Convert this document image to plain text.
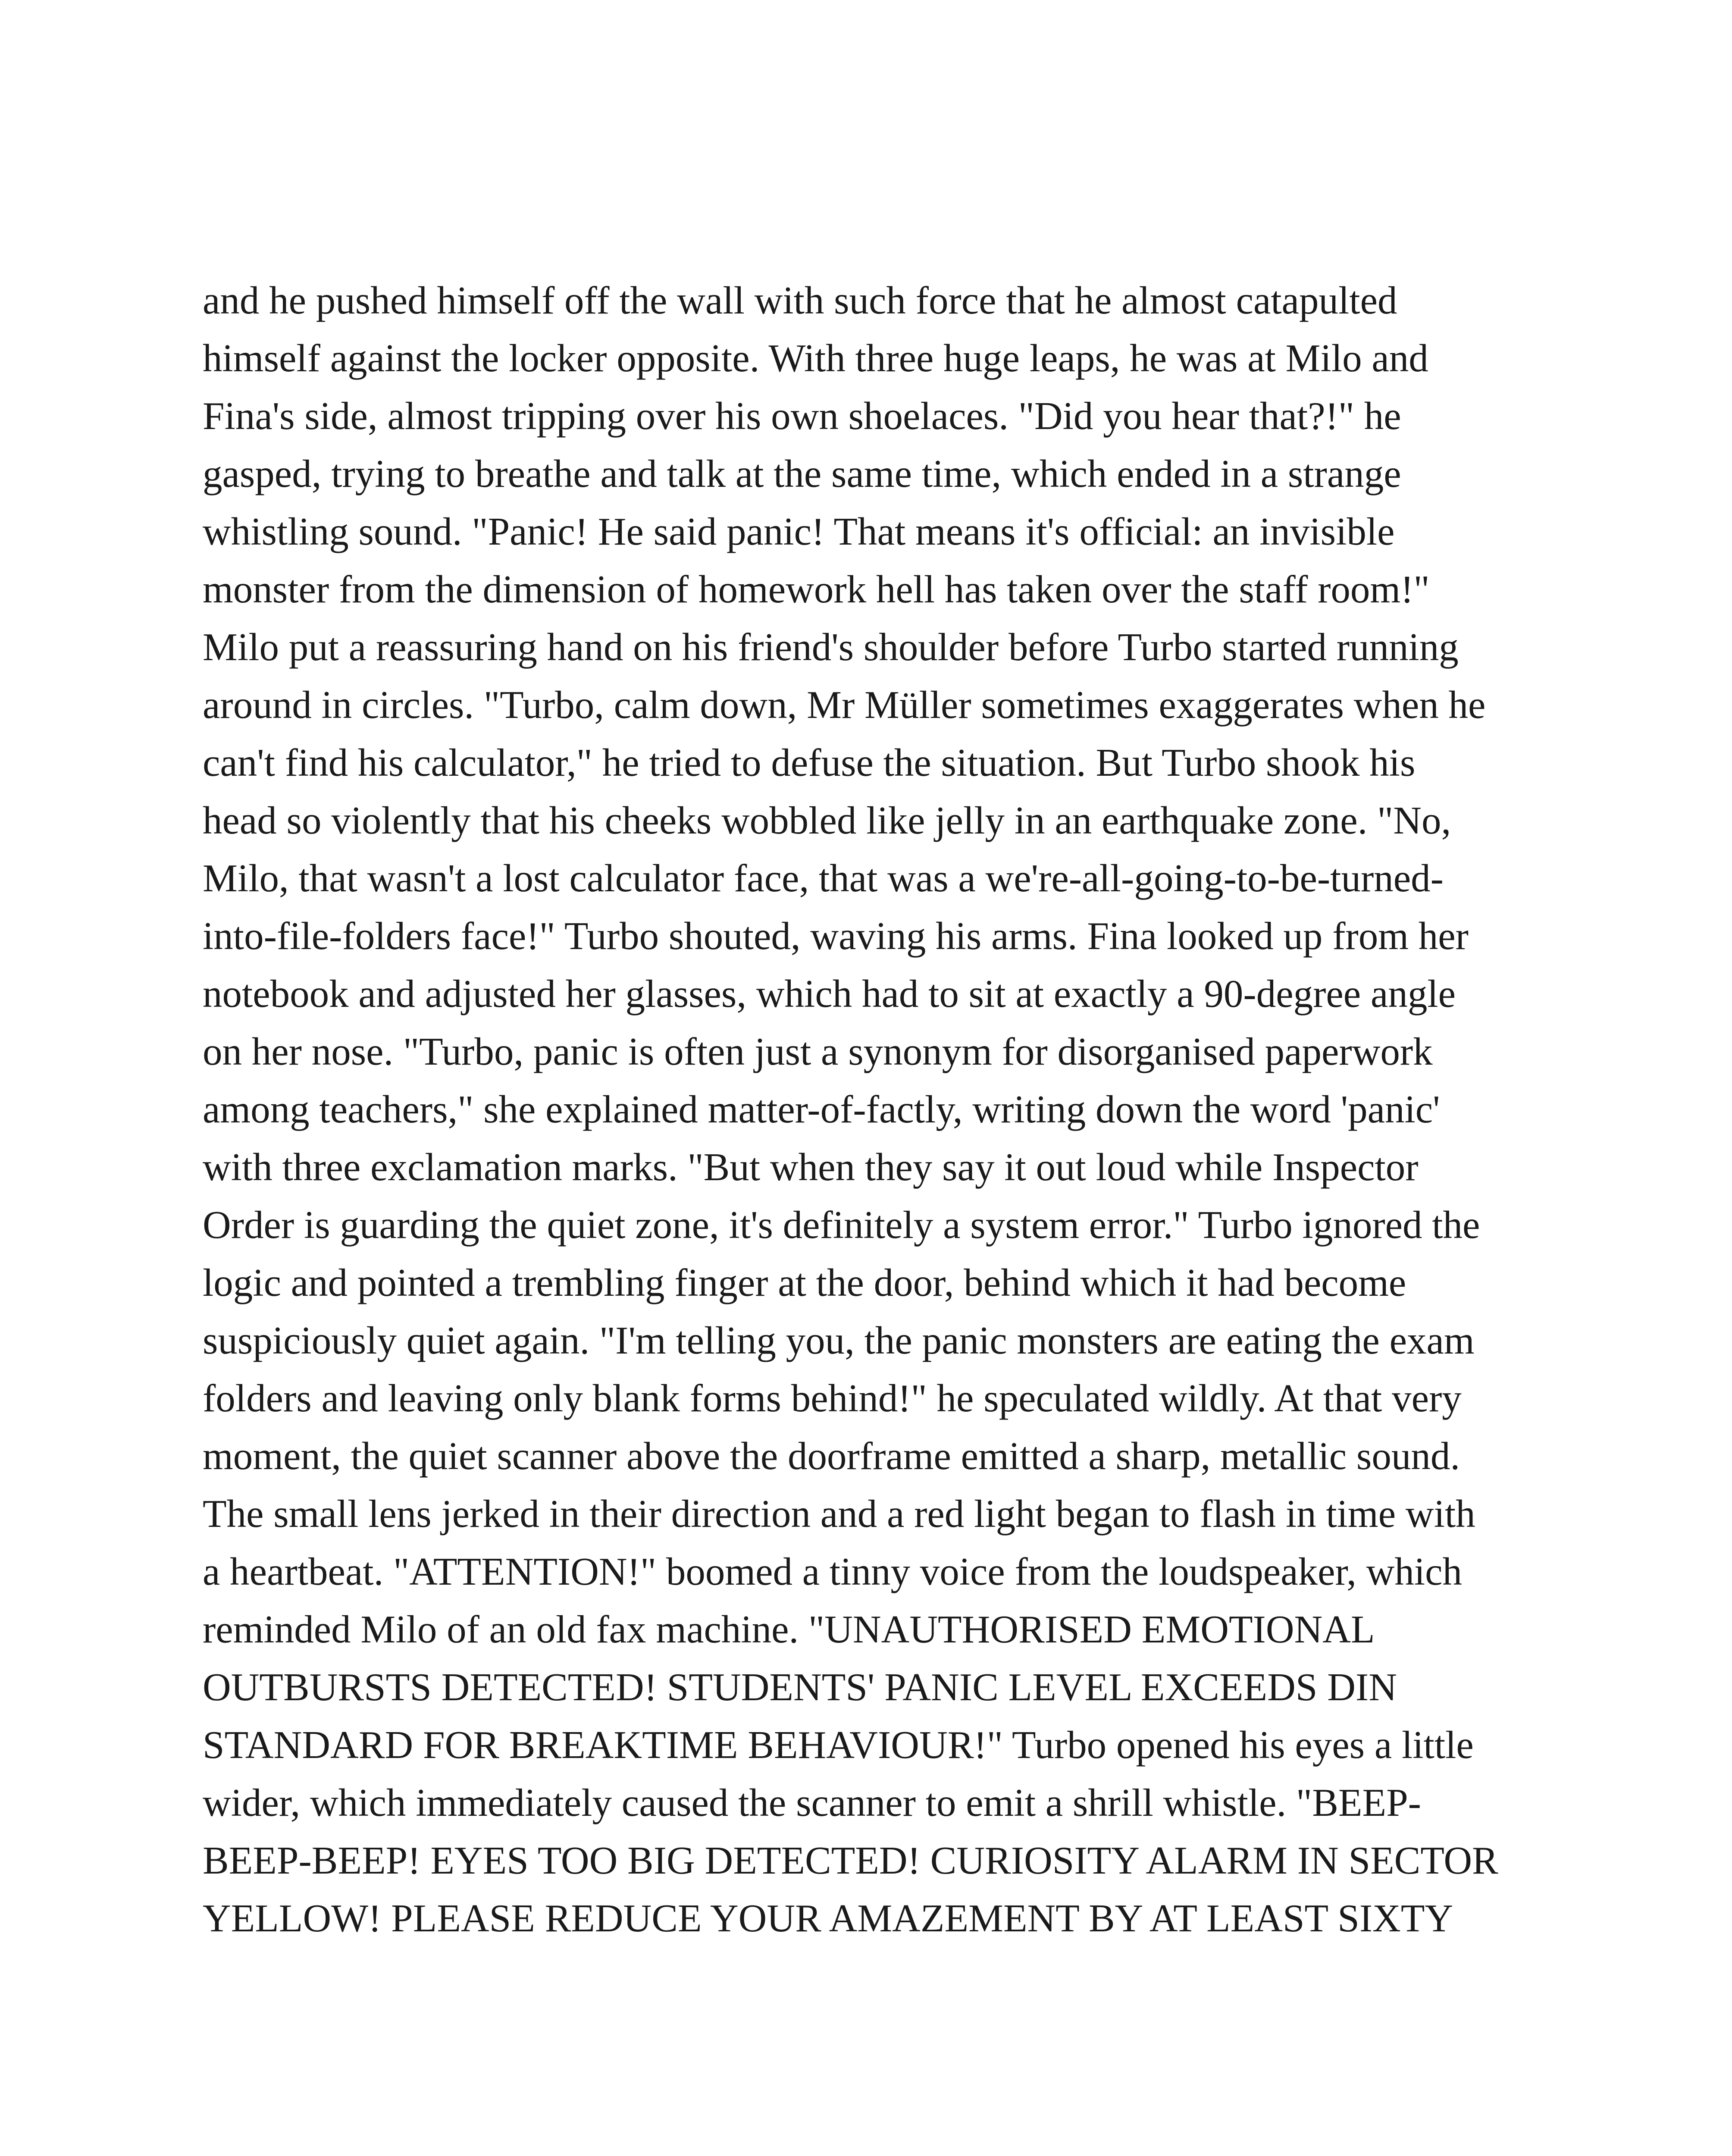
and he pushed himself off the wall with such force that he almost catapulted
himself against the locker opposite. With three huge leaps, he was at Milo and
Fina's side, almost tripping over his own shoelaces. "Did you hear that?!" he
gasped, trying to breathe and talk at the same time, which ended in a strange
whistling sound. "Panic! He said panic! That means it's official: an invisible
monster from the dimension of homework hell has taken over the staff room!"
Milo put a reassuring hand on his friend's shoulder before Turbo started running
around in circles. "Turbo, calm down, Mr Müller sometimes exaggerates when he
can't find his calculator," he tried to defuse the situation. But Turbo shook his
head so violently that his cheeks wobbled like jelly in an earthquake zone. "No,
Milo, that wasn't a lost calculator face, that was a we're-all-going-to-be-turned-
into-file-folders face!" Turbo shouted, waving his arms. Fina looked up from her
notebook and adjusted her glasses, which had to sit at exactly a 90-degree angle
on her nose. "Turbo, panic is often just a synonym for disorganised paperwork
among teachers," she explained matter-of-factly, writing down the word 'panic'
with three exclamation marks. "But when they say it out loud while Inspector
Order is guarding the quiet zone, it's definitely a system error." Turbo ignored the
logic and pointed a trembling finger at the door, behind which it had become
suspiciously quiet again. "I'm telling you, the panic monsters are eating the exam
folders and leaving only blank forms behind!" he speculated wildly. At that very
moment, the quiet scanner above the doorframe emitted a sharp, metallic sound.
The small lens jerked in their direction and a red light began to flash in time with
a heartbeat. "ATTENTION!" boomed a tinny voice from the loudspeaker, which
reminded Milo of an old fax machine. "UNAUTHORISED EMOTIONAL
OUTBURSTS DETECTED! STUDENTS' PANIC LEVEL EXCEEDS DIN
STANDARD FOR BREAKTIME BEHAVIOUR!" Turbo opened his eyes a little
wider, which immediately caused the scanner to emit a shrill whistle. "BEEP-
BEEP-BEEP! EYES TOO BIG DETECTED! CURIOSITY ALARM IN SECTOR
YELLOW! PLEASE REDUCE YOUR AMAZEMENT BY AT LEAST SIXTY
